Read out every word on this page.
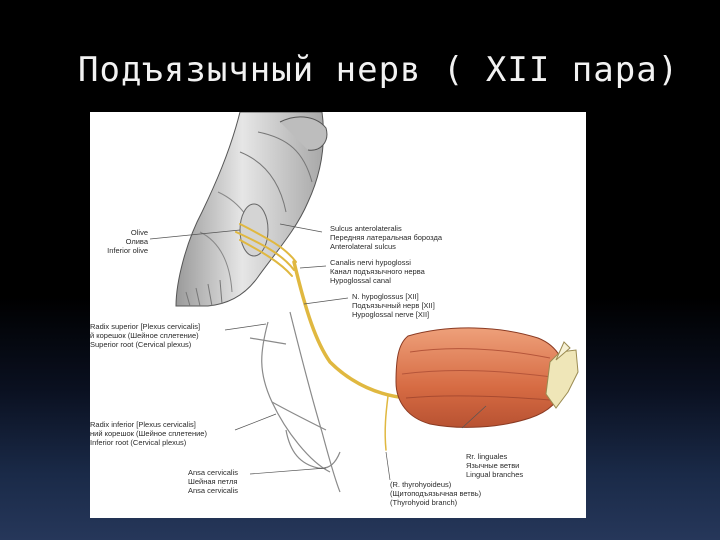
Подъязычный нерв ( XII пара)
Olive
Олива
Inferior olive
Radix superior [Plexus cervicalis]
й корешок (Шейное сплетение)
Superior root (Cervical plexus)
Radix inferior [Plexus cervicalis]
ний корешок (Шейное сплетение)
Inferior root (Cervical plexus)
Ansa cervicalis
Шейная петля
Ansa cervicalis
Sulcus anterolateralis
Передняя латеральная борозда
Anterolateral sulcus
Canalis nervi hypoglossi
Канал подъязычного нерва
Hypoglossal canal
N. hypoglossus [XII]
Подъязычный нерв [XII]
Hypoglossal nerve [XII]
Rr. linguales
Язычные ветви
Lingual branches
(R. thyrohyoideus)
(Щитоподъязычная ветвь)
(Thyrohyoid branch)
